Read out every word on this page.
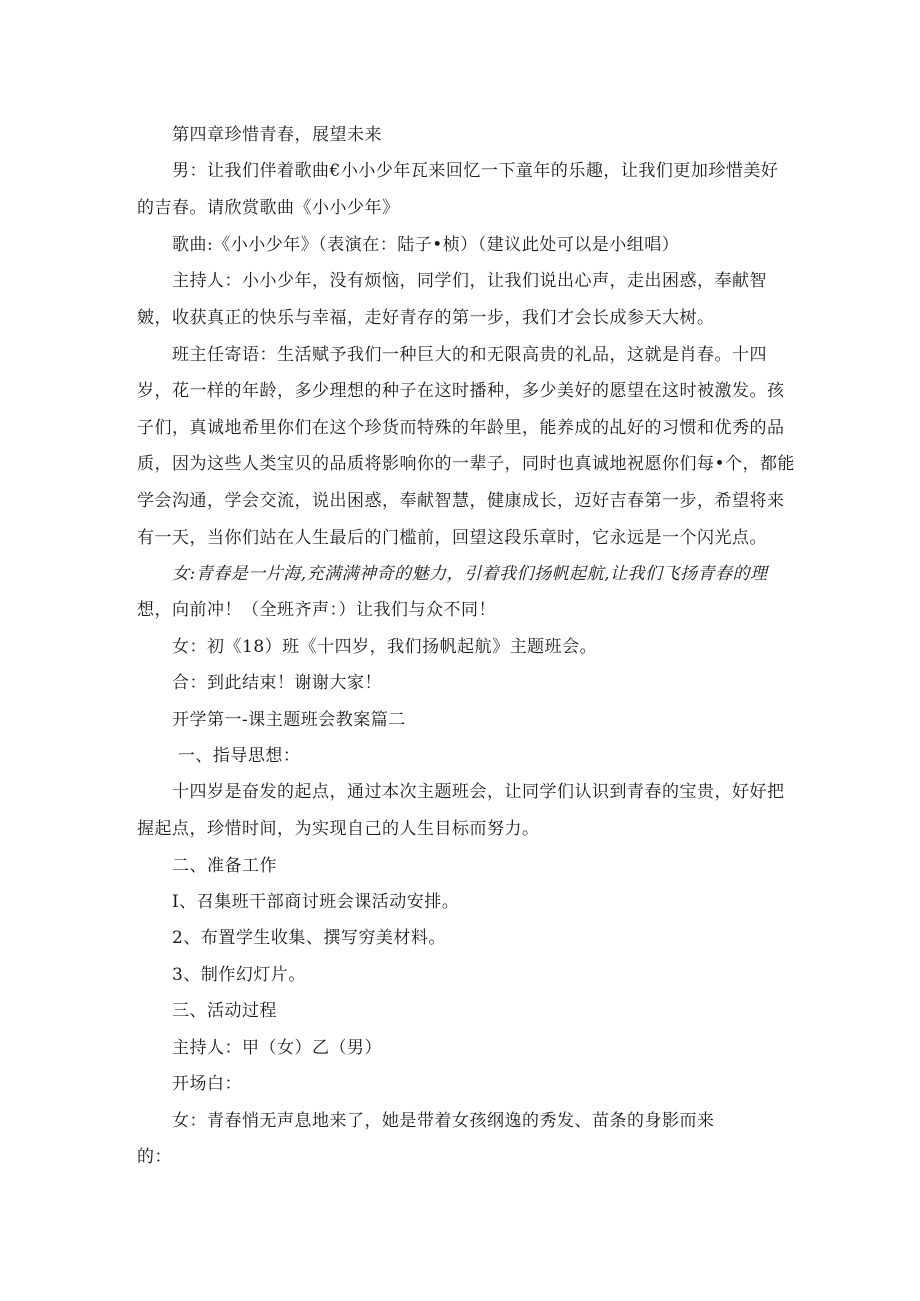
　　第四章珍惜青春，展望未来
　　男：让我们伴着歌曲€小小少年瓦来回忆一下童年的乐趣，让我们更加珍惜美好
的吉春。请欣赏歌曲《小小少年》
　　歌曲:《小小少年》（表演在：陆子•桢）（建议此处可以是小组唱）
　　主持人：小小少年，没有烦恼，同学们，让我们说出心声，走出困惑，奉献智
皴，收获真正的快乐与幸福，走好青存的第一步，我们才会长成参天大树。
　　班主任寄语：生活赋予我们一种巨大的和无限高贵的礼品，这就是肖春。十四
岁，花一样的年龄，多少理想的种子在这时播种，多少美好的愿望在这时被激发。孩
子们，真诚地希里你们在这个珍货而特殊的年龄里，能养成的乩好的习惯和优秀的品
质，因为这些人类宝贝的品质将影响你的一辈子，同时也真诚地祝愿你们每•个，都能
学会沟通，学会交流，说出困惑，奉献智慧，健康成长，迈好吉春第一步，希望将来
有一天，当你们站在人生最后的门槛前，回望这段乐章时，它永远是一个闪光点。
　　女:青春是一片海,充满满神奇的魅力，引着我们扬帆起航,让我们飞扬青春的理
想，向前冲！（全班齐声：）让我们与众不同！
　　女：初《18）班《十四岁，我们扬帆起航》主题班会。
　　合：到此结束！谢谢大家！
　　开学第一-课主题班会教案篇二
　　 一、指导思想：
　　十四岁是奋发的起点，通过本次主题班会，让同学们认识到青春的宝贵，好好把
握起点，珍惜时间，为实现自己的人生目标而努力。
　　二、准备工作
　　I、召集班干部商讨班会课活动安排。
　　2、布置学生收集、撰写穷美材料。
　　3、制作幻灯片。
　　三、活动过程
　　主持人：甲（女）乙（男）
　　开场白：
　　女：青春悄无声息地来了，她是带着女孩纲逸的秀发、苗条的身影而来
的：
